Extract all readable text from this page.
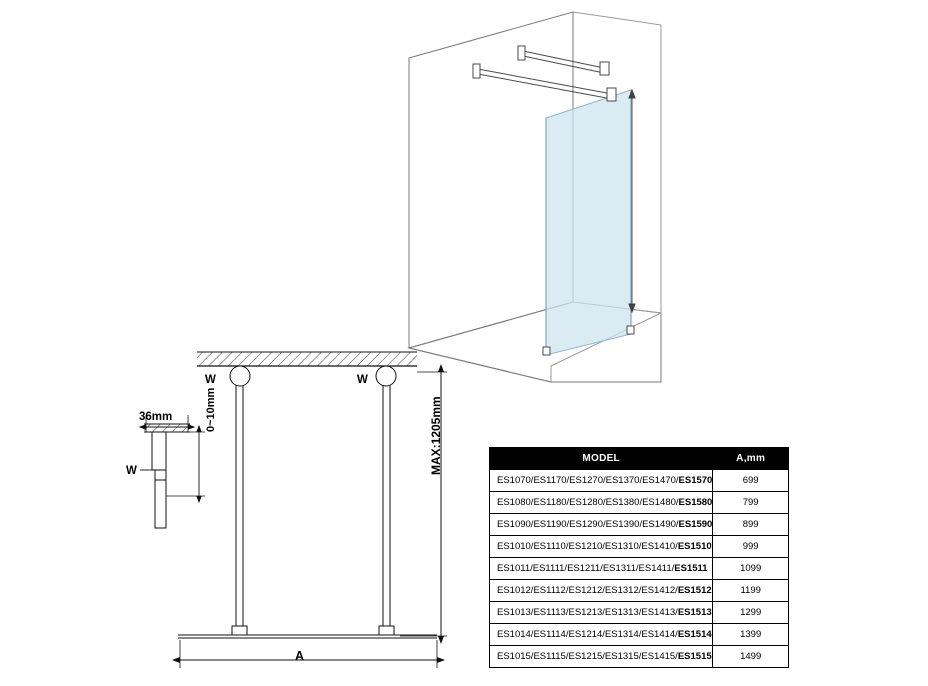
36mm	0~10mm	MAX:1205mm
A
W	W
W
MODEL	A,mm
ES1070/ES1170/ES1270/ES1370/ES1470/ES1570	699
ES1080/ES1180/ES1280/ES1380/ES1480/ES1580	799
ES1090/ES1190/ES1290/ES1390/ES1490/ES1590	899
ES1010/ES1110/ES1210/ES1310/ES1410/ES1510	999
ES1011/ES1111/ES1211/ES1311/ES1411/ES1511	1099
ES1012/ES1112/ES1212/ES1312/ES1412/ES1512	1199
ES1013/ES1113/ES1213/ES1313/ES1413/ES1513	1299
ES1014/ES1114/ES1214/ES1314/ES1414/ES1514	1399
ES1015/ES1115/ES1215/ES1315/ES1415/ES1515	1499
